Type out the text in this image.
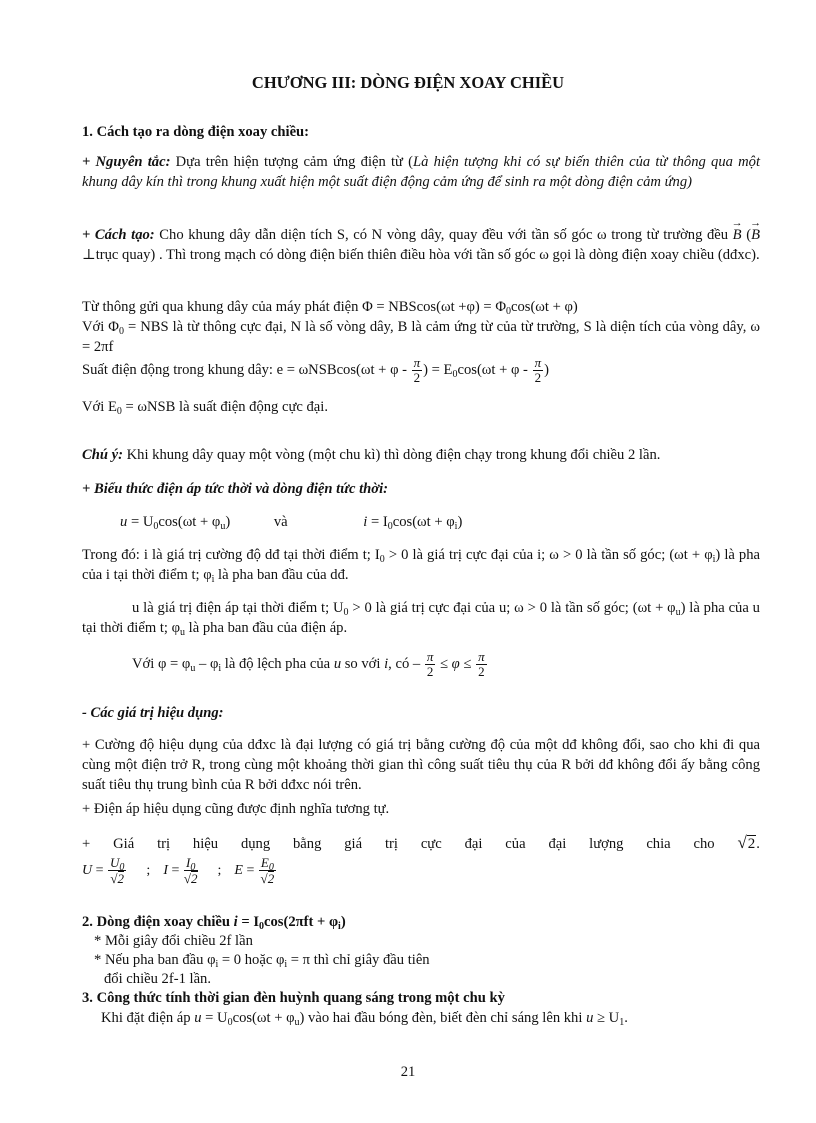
CHƯƠNG III: DÒNG ĐIỆN XOAY CHIỀU

1. Cách tạo ra dòng điện xoay chiều:

+ Nguyên tắc: Dựa trên hiện tượng cảm ứng điện từ (Là hiện tượng khi có sự biến thiên của từ thông qua một khung dây kín thì trong khung xuất hiện một suất điện động cảm ứng để sinh ra một dòng điện cảm ứng)

+ Cách tạo: Cho khung dây dẫn diện tích S, có N vòng dây, quay đều với tần số góc ω trong từ trường đều → B (→ B ⊥trục quay) . Thì trong mạch có dòng điện biến thiên điều hòa với tần số góc ω gọi là dòng điện xoay chiều (dđxc).

Từ thông gửi qua khung dây của máy phát điện $\Phi = NBScos(\omega t +\varphi) = \Phi_0\cos(\omega t + \varphi)$

Với $\Phi_0$ = NBS là từ thông cực đại, N là số vòng dây, B là cảm ứng từ của từ trường, S là diện tích của vòng dây, ω = 2πf

Suất điện động trong khung dây: $e = \omega NSBcos(\omega t + \varphi - \frac{\pi}{2}$ ) = $E_0\cos(\omega t + \varphi - \frac{\pi}{2}$ )

Với $E_0 = \omega NSB$ là suất điện động cực đại.

Chú ý: Khi khung dây quay một vòng (một chu kì) thì dòng điện chạy trong khung đổi chiều 2 lần.

+ Biểu thức điện áp tức thời và dòng điện tức thời:

$u = U_0\cos(\omega t + \varphi_u)$	và	$i = I_0\cos(\omega t + \varphi_i)$

Trong đó: i là giá trị cường độ dđ tại thời điểm t; $I_0 > 0$ là giá trị cực đại của i; ω > 0 là tần số góc; $(\omega t + \varphi_i)$ là pha của i tại thời điểm t; $\varphi_i$ là pha ban đầu của dđ.

u là giá trị điện áp tại thời điểm t; $U_0 > 0$ là giá trị cực đại của u; ω > 0 là tần số góc; $(\omega t + \varphi_u)$ là pha của u tại thời điểm t; $\varphi_u$ là pha ban đầu của điện áp.

Với $\varphi = \varphi_u - \varphi_i$ là độ lệch pha của u so với i, có – $\frac{\pi}{2} \le \varphi \le \frac{\pi}{2}$

- Các giá trị hiệu dụng:

+ Cường độ hiệu dụng của dđxc là đại lượng có giá trị bằng cường độ của một dđ không đổi, sao cho khi đi qua cùng một điện trở R, trong cùng một khoảng thời gian thì công suất tiêu thụ của R bởi dđ không đổi ấy bằng công suất tiêu thụ trung bình của R bởi dđxc nói trên.

+ Điện áp hiệu dụng cũng được định nghĩa tương tự.

+ Giá trị hiệu dụng bằng giá trị cực đại của đại lượng chia cho √2.

$U = \frac{U_0}{√2}$ ;  $I = \frac{I_0}{√2}$ ;  $E = \frac{E_0}{√2}$

2. Dòng điện xoay chiều $i = I_0\cos(2\pi ft + \varphi_i)$

* Mỗi giây đổi chiều 2f lần

* Nếu pha ban đầu $\varphi_i = 0$ hoặc $\varphi_i = \pi$ thì chỉ giây đầu tiên

đổi chiều 2f-1 lần.

3. Công thức tính thời gian đèn huỳnh quang sáng trong một chu kỳ

Khi đặt điện áp $u = U_0\cos(\omega t + \varphi_u)$ vào hai đầu bóng đèn, biết đèn chỉ sáng lên khi $u \ge U_1$.

21
